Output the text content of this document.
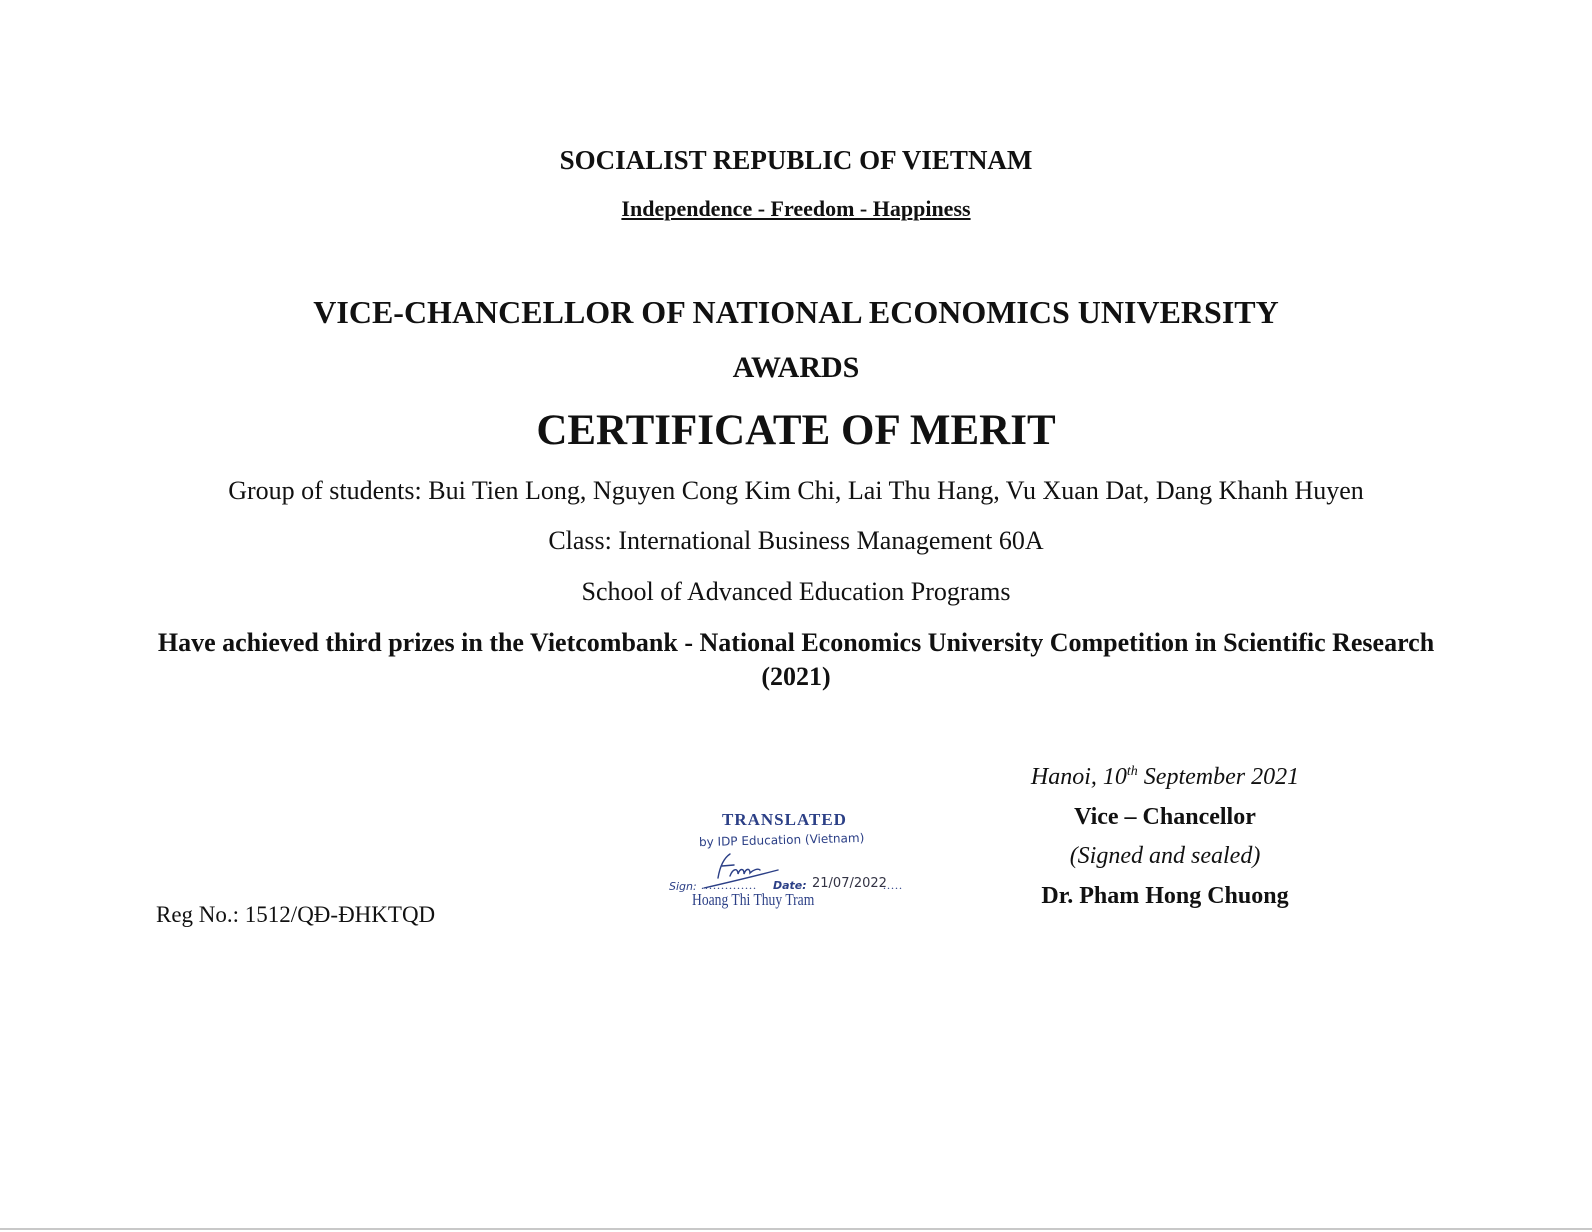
SOCIALIST REPUBLIC OF VIETNAM
Independence - Freedom - Happiness
VICE-CHANCELLOR OF NATIONAL ECONOMICS UNIVERSITY
AWARDS
CERTIFICATE OF MERIT
Group of students: Bui Tien Long, Nguyen Cong Kim Chi, Lai Thu Hang, Vu Xuan Dat, Dang Khanh Huyen
Class: International Business Management 60A
School of Advanced Education Programs
Have achieved third prizes in the Vietcombank - National Economics University Competition in Scientific Research (2021)
Hanoi, 10th September 2021
Vice – Chancellor
(Signed and sealed)
Dr. Pham Hong Chuong
Reg No.: 1512/QĐ-ĐHKTQD
TRANSLATED
by IDP Education (Vietnam)
Sign: .............. Date: 21/07/2022
.....
Hoang Thi Thuy Tram
